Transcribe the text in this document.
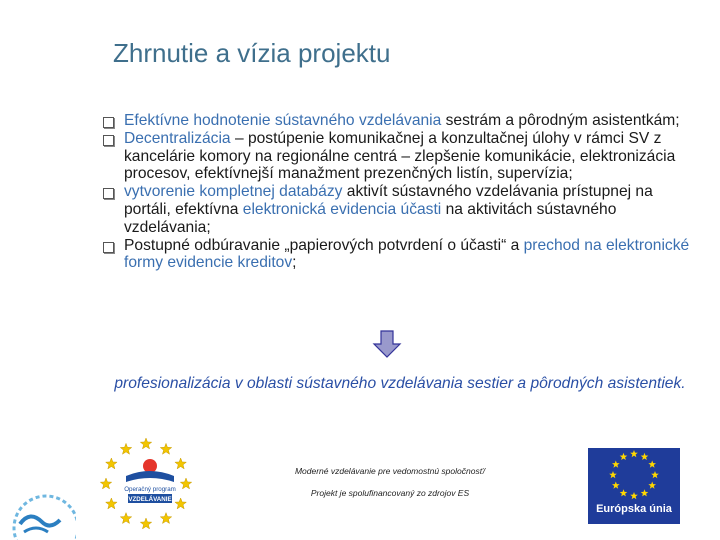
Zhrnutie a vízia projektu
Efektívne hodnotenie sústavného vzdelávania sestrám a pôrodným asistentkám;
Decentralizácia – postúpenie komunikačnej a konzultačnej úlohy v rámci SV z kancelárie komory na regionálne centrá – zlepšenie komunikácie, elektronizácia procesov, efektívnejší manažment prezenčných listín, supervízia;
vytvorenie kompletnej databázy aktivít sústavného vzdelávania prístupnej na portáli, efektívna elektronická evidencia účasti na aktivitách sústavného vzdelávania;
Postupné odbúravanie „papierových potvrdení o účasti“ a prechod na elektronické formy evidencie kreditov;
profesionalizácia v oblasti sústavného vzdelávania sestier a pôrodných asistentiek.
Operačný program
VZDELÁVANIE
Moderné vzdelávanie pre vedomostnú spoločnosť/
Projekt je spolufinancovaný zo zdrojov ES
Európska únia
